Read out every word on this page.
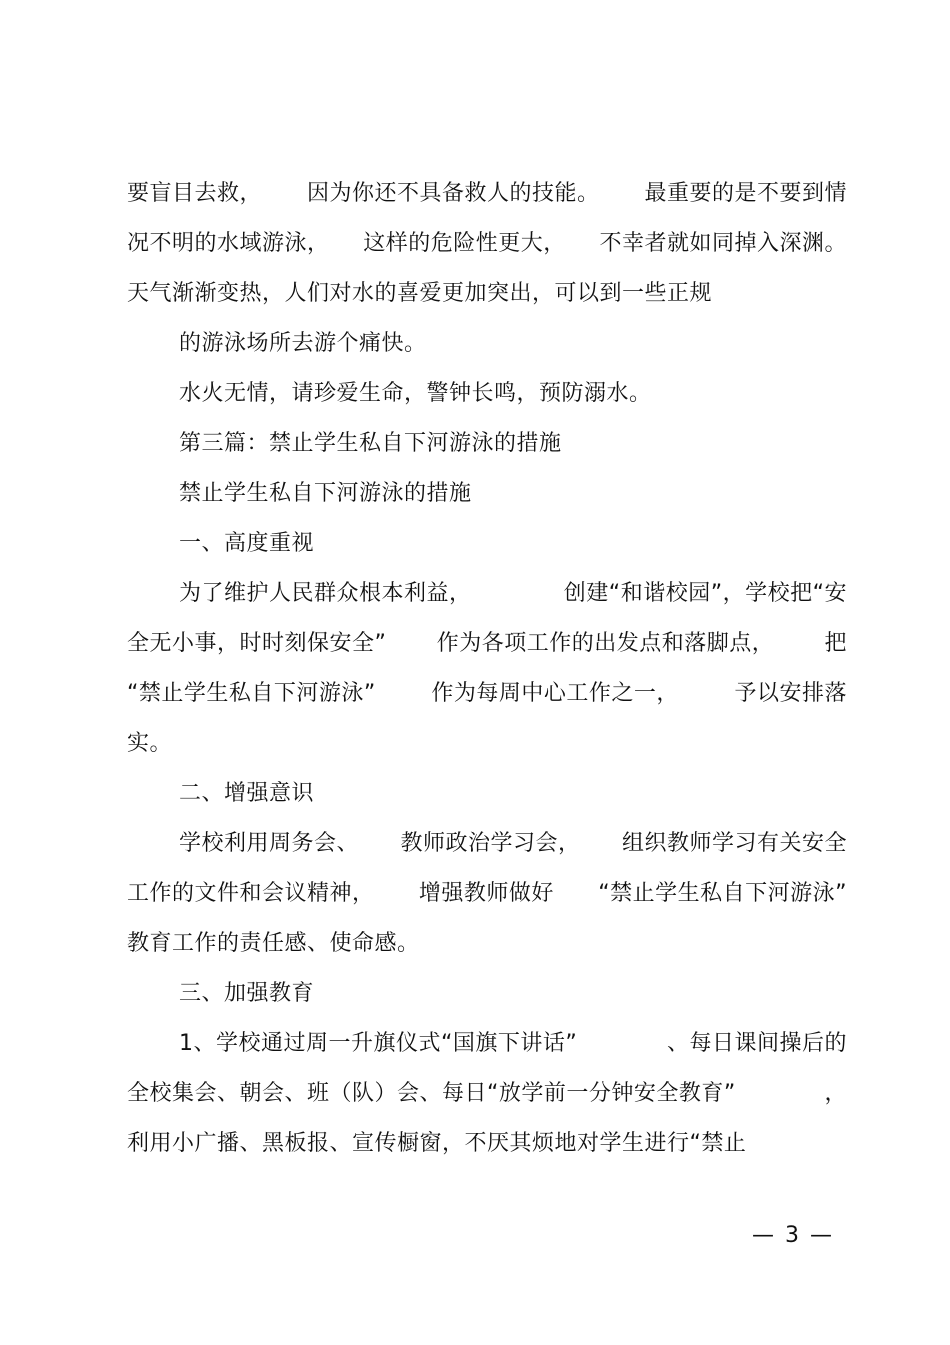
要盲目去救， 因为你还不具备救人的技能。 最重要的是不要到情
况不明的水域游泳， 这样的危险性更大， 不幸者就如同掉入深渊。
天气渐渐变热，人们对水的喜爱更加突出，可以到一些正规
的游泳场所去游个痛快。
水火无情，请珍爱生命，警钟长鸣，预防溺水。
第三篇：禁止学生私自下河游泳的措施
禁止学生私自下河游泳的措施
一、高度重视
为了维护人民群众根本利益，	创建“和谐校园”，学校把“安
全无小事，时时刻保安全” 作为各项工作的出发点和落脚点， 把
“禁止学生私自下河游泳”	作为每周中心工作之一，	予以安排落
实。
二、增强意识
学校利用周务会、 教师政治学习会， 组织教师学习有关安全
工作的文件和会议精神， 增强教师做好 “禁止学生私自下河游泳”
教育工作的责任感、使命感。
三、加强教育
1、学校通过周一升旗仪式“国旗下讲话”	、每日课间操后的
全校集会、朝会、班（队）会、每日“放学前一分钟安全教育”	，
利用小广播、黑板报、宣传橱窗，不厌其烦地对学生进行“禁止
— 3 —
